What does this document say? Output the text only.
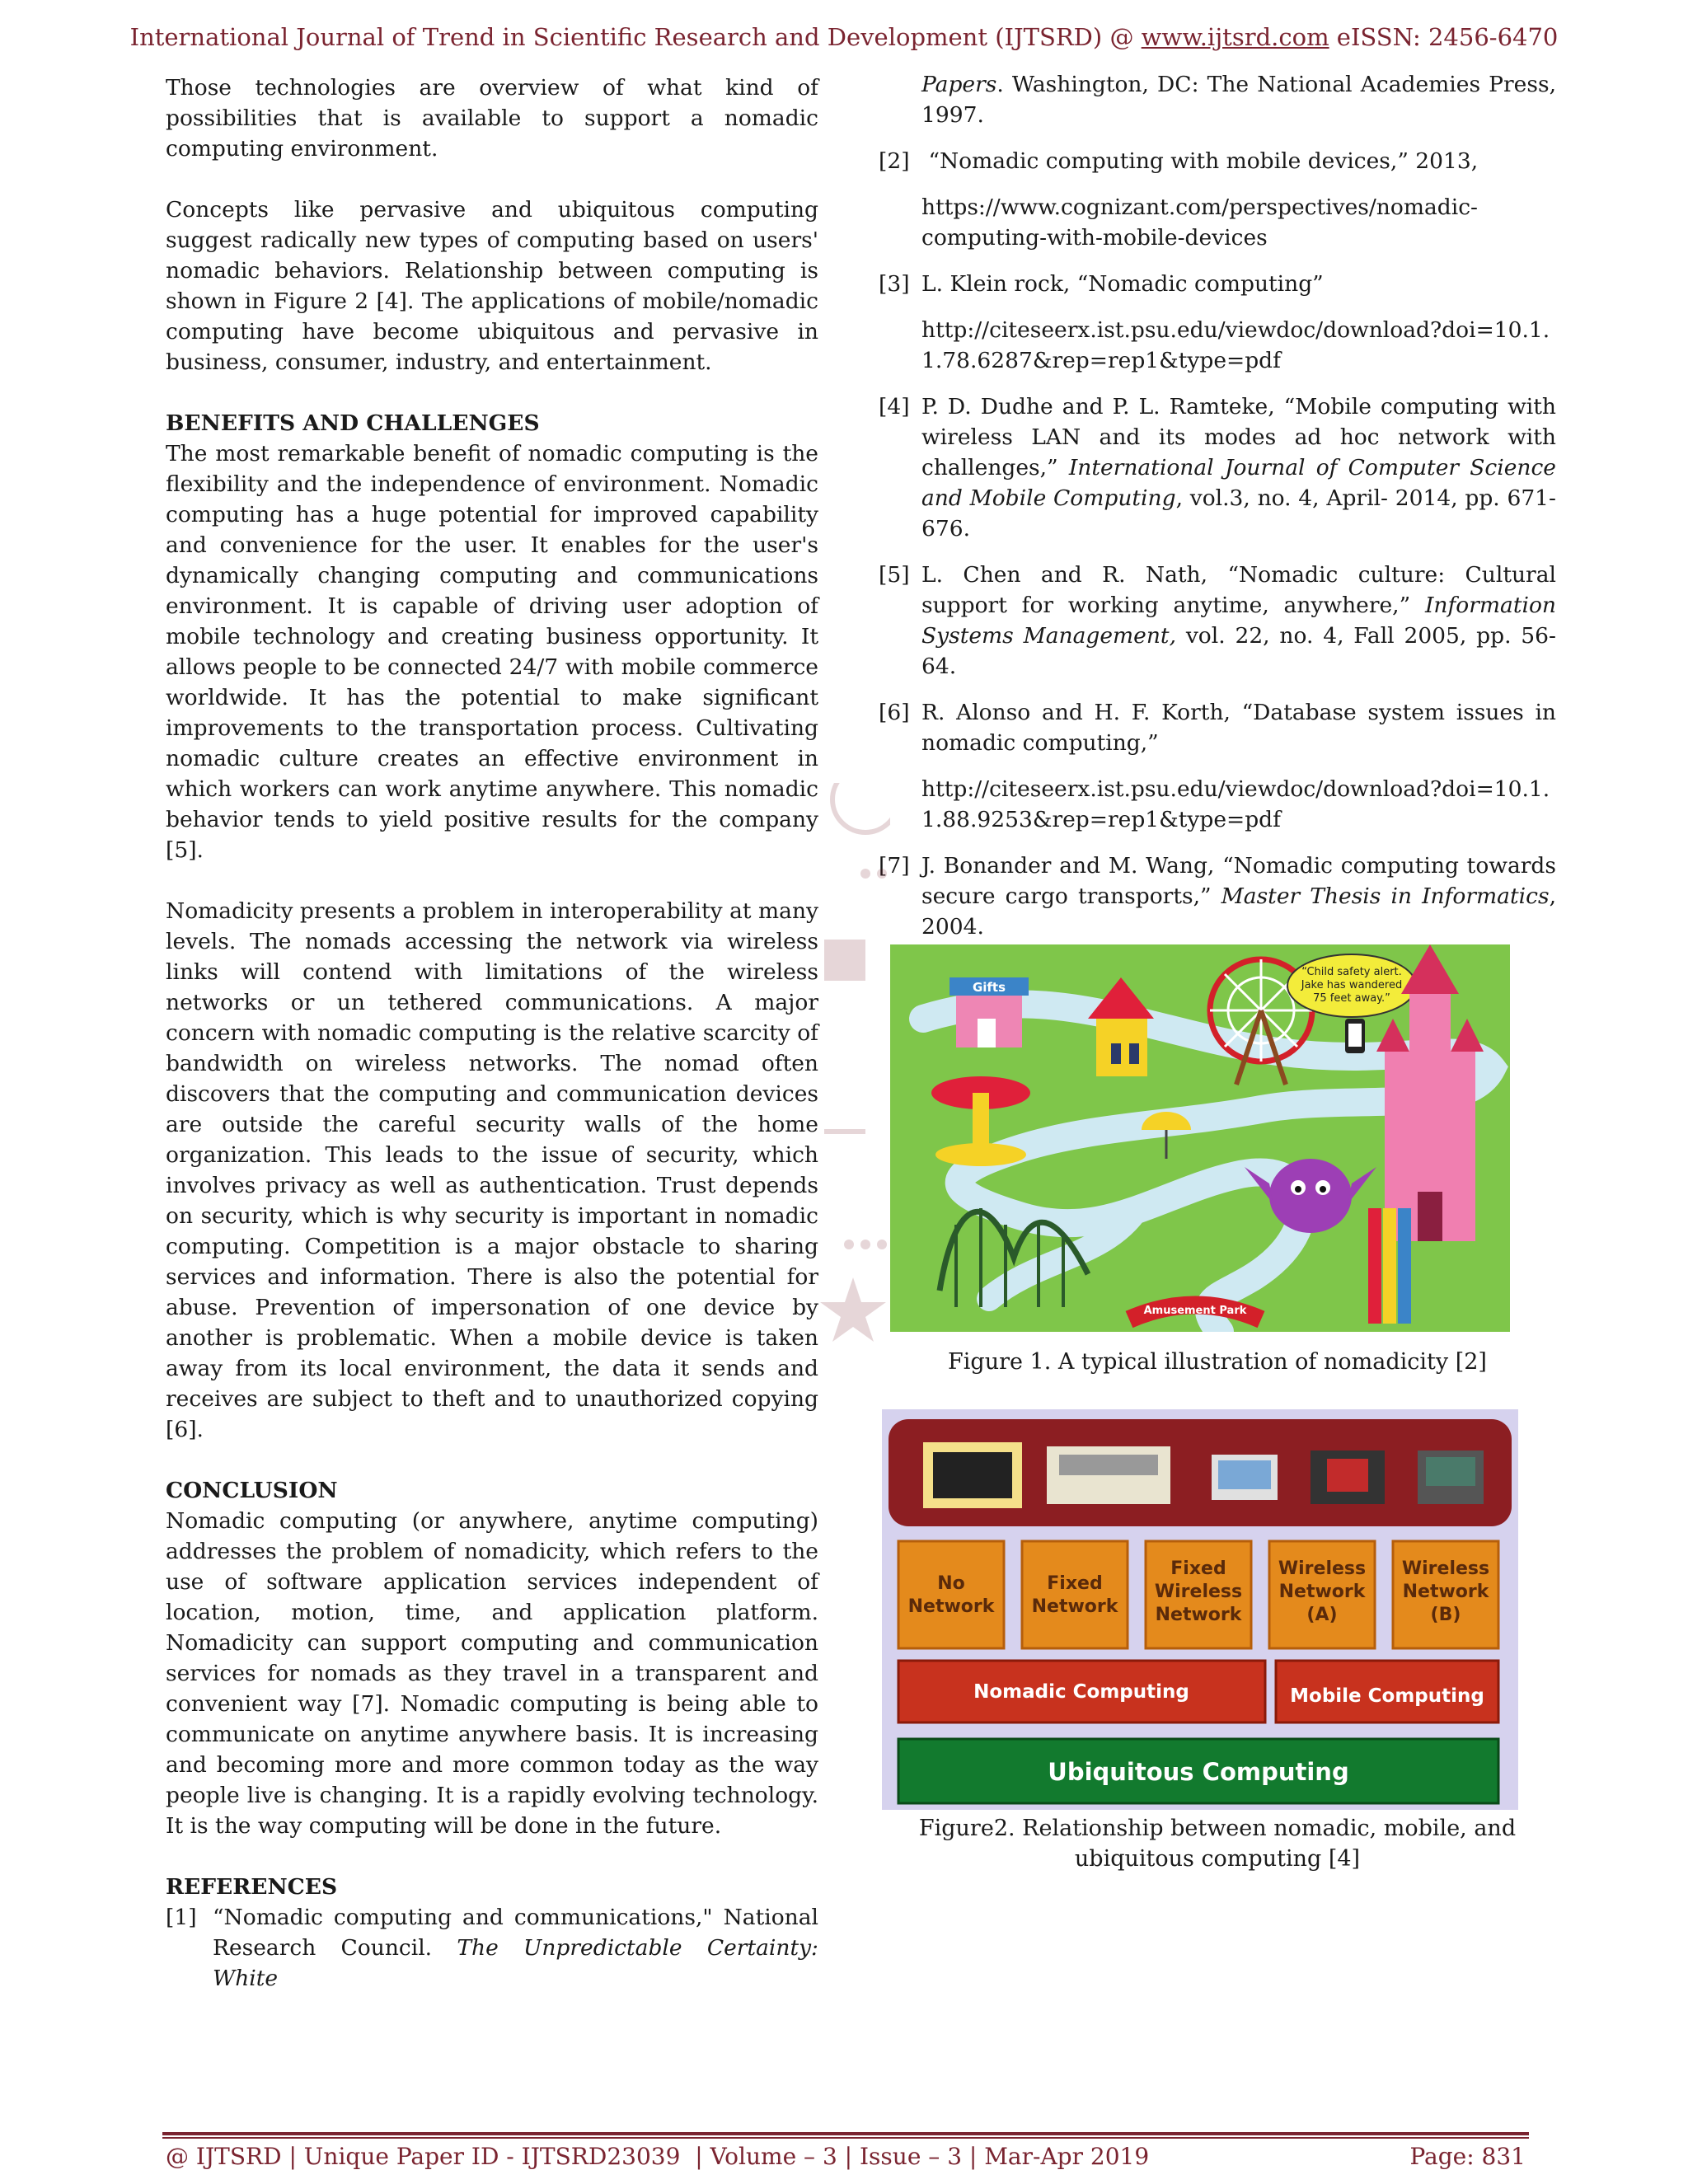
International Journal of Trend in Scientific Research and Development (IJTSRD) @ www.ijtsrd.com eISSN: 2456-6470

Those technologies are overview of what kind of possibilities that is available to support a nomadic computing environment.

Concepts like pervasive and ubiquitous computing suggest radically new types of computing based on users' nomadic behaviors. Relationship between computing is shown in Figure 2 [4]. The applications of mobile/nomadic computing have become ubiquitous and pervasive in business, consumer, industry, and entertainment.

BENEFITS AND CHALLENGES

The most remarkable benefit of nomadic computing is the flexibility and the independence of environment. Nomadic computing has a huge potential for improved capability and convenience for the user. It enables for the user's dynamically changing computing and communications environment. It is capable of driving user adoption of mobile technology and creating business opportunity. It allows people to be connected 24/7 with mobile commerce worldwide. It has the potential to make significant improvements to the transportation process. Cultivating nomadic culture creates an effective environment in which workers can work anytime anywhere. This nomadic behavior tends to yield positive results for the company [5].

Nomadicity presents a problem in interoperability at many levels. The nomads accessing the network via wireless links will contend with limitations of the wireless networks or un tethered communications. A major concern with nomadic computing is the relative scarcity of bandwidth on wireless networks. The nomad often discovers that the computing and communication devices are outside the careful security walls of the home organization. This leads to the issue of security, which involves privacy as well as authentication. Trust depends on security, which is why security is important in nomadic computing. Competition is a major obstacle to sharing services and information. There is also the potential for abuse. Prevention of impersonation of one device by another is problematic. When a mobile device is taken away from its local environment, the data it sends and receives are subject to theft and to unauthorized copying [6].

CONCLUSION

Nomadic computing (or anywhere, anytime computing) addresses the problem of nomadicity, which refers to the use of software application services independent of location, motion, time, and application platform. Nomadicity can support computing and communication services for nomads as they travel in a transparent and convenient way [7]. Nomadic computing is being able to communicate on anytime anywhere basis. It is increasing and becoming more and more common today as the way people live is changing. It is a rapidly evolving technology. It is the way computing will be done in the future.

REFERENCES

[1] “Nomadic computing and communications," National Research Council. The Unpredictable Certainty: White

Papers. Washington, DC: The National Academies Press, 1997.

[2] “Nomadic computing with mobile devices,” 2013,

https://www.cognizant.com/perspectives/nomadic-computing-with-mobile-devices

[3] L. Klein rock, “Nomadic computing”

http://citeseerx.ist.psu.edu/viewdoc/download?doi=10.1.1.78.6287&rep=rep1&type=pdf

[4] P. D. Dudhe and P. L. Ramteke, “Mobile computing with wireless LAN and its modes ad hoc network with challenges,” International Journal of Computer Science and Mobile Computing, vol.3, no. 4, April- 2014, pp. 671-676.

[5] L. Chen and R. Nath, “Nomadic culture: Cultural support for working anytime, anywhere,” Information Systems Management, vol. 22, no. 4, Fall 2005, pp. 56-64.

[6] R. Alonso and H. F. Korth, “Database system issues in nomadic computing,”

http://citeseerx.ist.psu.edu/viewdoc/download?doi=10.1.1.88.9253&rep=rep1&type=pdf

[7] J. Bonander and M. Wang, “Nomadic computing towards secure cargo transports,” Master Thesis in Informatics, 2004.

Gifts
“Child safety alert.
Jake has wandered
75 feet away.”
Amusement Park
Figure 1. A typical illustration of nomadicity [2]
No
Network
Fixed
Network
Fixed
Wireless
Network
Wireless
Network
(A)
Wireless
Network
(B)
Nomadic Computing	Mobile Computing
Ubiquitous Computing
Figure2. Relationship between nomadic, mobile, and
ubiquitous computing [4]
@ IJTSRD | Unique Paper ID - IJTSRD23039  | Volume – 3 | Issue – 3 | Mar-Apr 2019	Page: 831
